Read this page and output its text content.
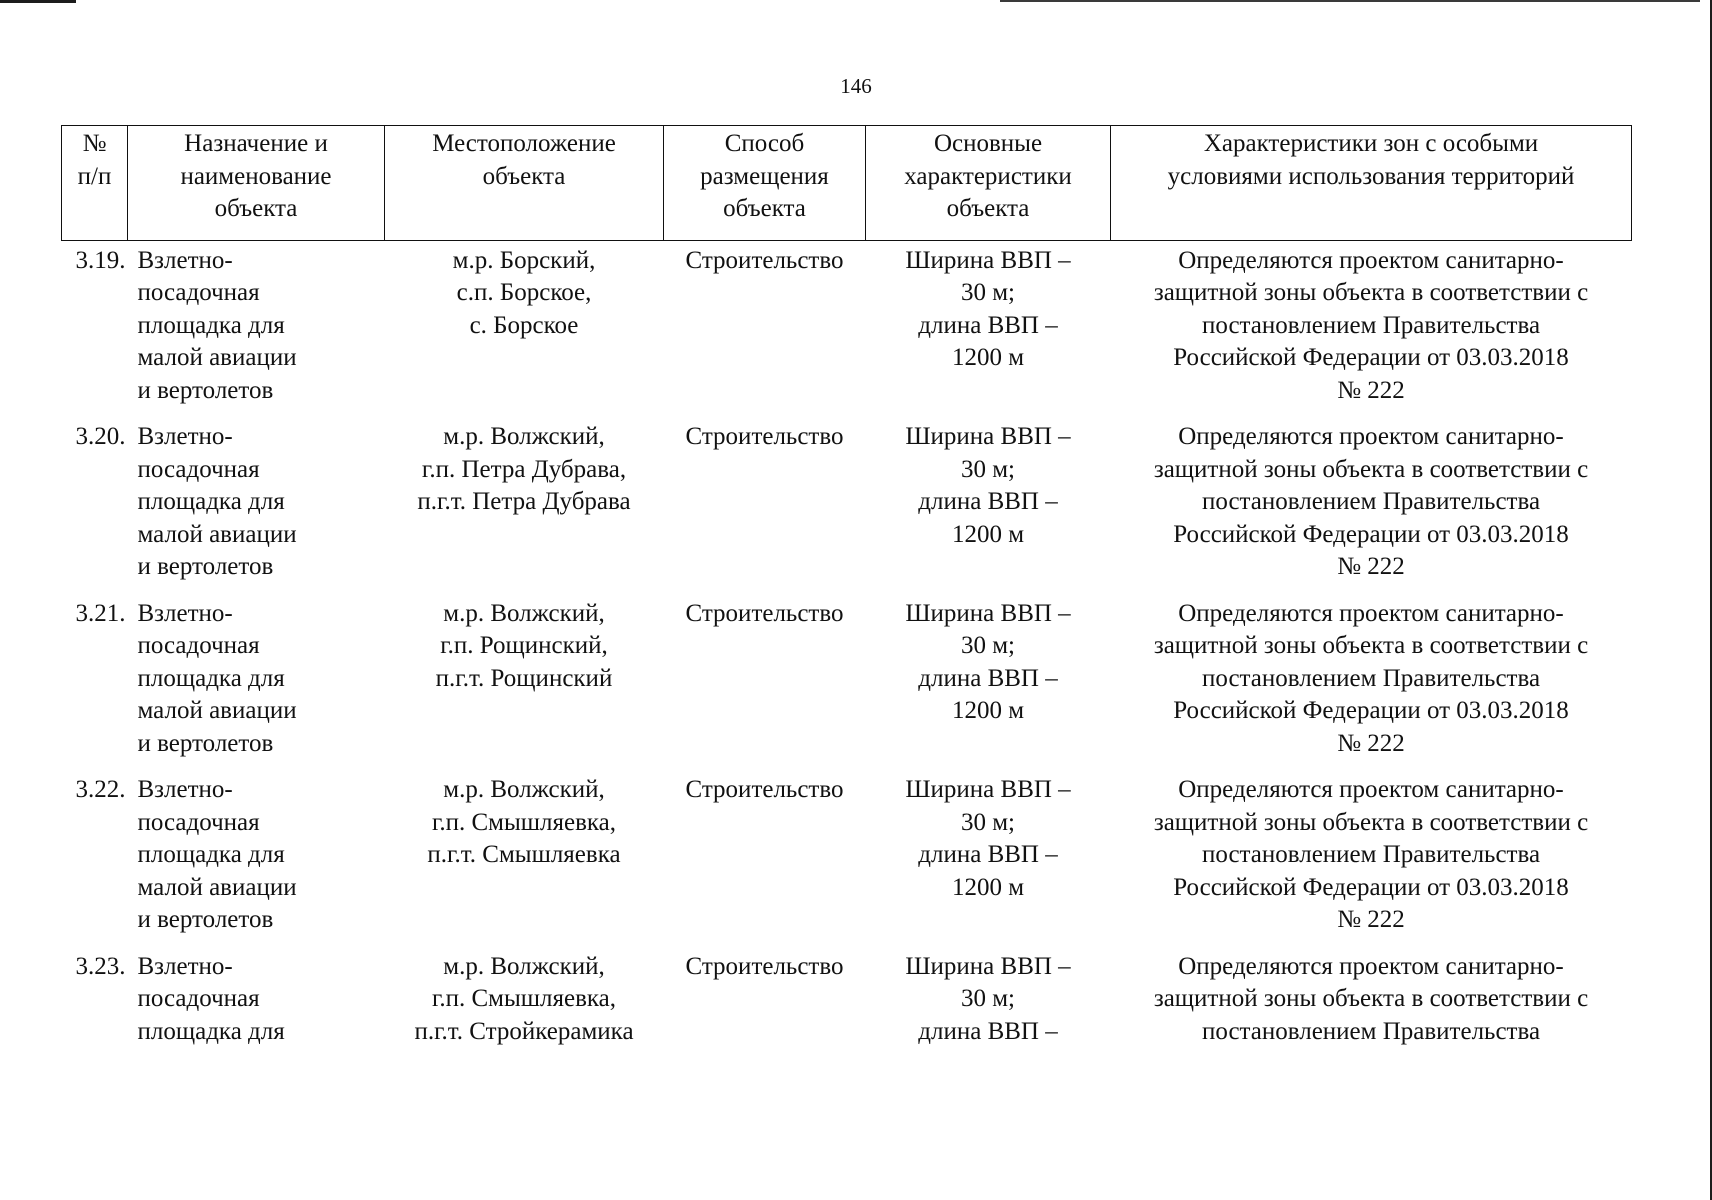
146
№
п/п	Назначение и
наименование
объекта	Местоположение
объекта	Способ
размещения
объекта	Основные
характеристики
объекта	Характеристики зон с особыми
условиями использования территорий

3.19.	Взлетно-
посадочная
площадка для
малой авиации
и вертолетов	м.р. Борский,
с.п. Борское,
с. Борское	Строительство	Ширина ВВП –
30 м;
длина ВВП –
1200 м	Определяются проектом санитарно-
защитной зоны объекта в соответствии с
постановлением Правительства
Российской Федерации от 03.03.2018
№ 222

3.20.	Взлетно-
посадочная
площадка для
малой авиации
и вертолетов	м.р. Волжский,
г.п. Петра Дубрава,
п.г.т. Петра Дубрава	Строительство	Ширина ВВП –
30 м;
длина ВВП –
1200 м	Определяются проектом санитарно-
защитной зоны объекта в соответствии с
постановлением Правительства
Российской Федерации от 03.03.2018
№ 222

3.21.	Взлетно-
посадочная
площадка для
малой авиации
и вертолетов	м.р. Волжский,
г.п. Рощинский,
п.г.т. Рощинский	Строительство	Ширина ВВП –
30 м;
длина ВВП –
1200 м	Определяются проектом санитарно-
защитной зоны объекта в соответствии с
постановлением Правительства
Российской Федерации от 03.03.2018
№ 222

3.22.	Взлетно-
посадочная
площадка для
малой авиации
и вертолетов	м.р. Волжский,
г.п. Смышляевка,
п.г.т. Смышляевка	Строительство	Ширина ВВП –
30 м;
длина ВВП –
1200 м	Определяются проектом санитарно-
защитной зоны объекта в соответствии с
постановлением Правительства
Российской Федерации от 03.03.2018
№ 222

3.23.	Взлетно-
посадочная
площадка для	м.р. Волжский,
г.п. Смышляевка,
п.г.т. Стройкерамика	Строительство	Ширина ВВП –
30 м;
длина ВВП –	Определяются проектом санитарно-
защитной зоны объекта в соответствии с
постановлением Правительства
